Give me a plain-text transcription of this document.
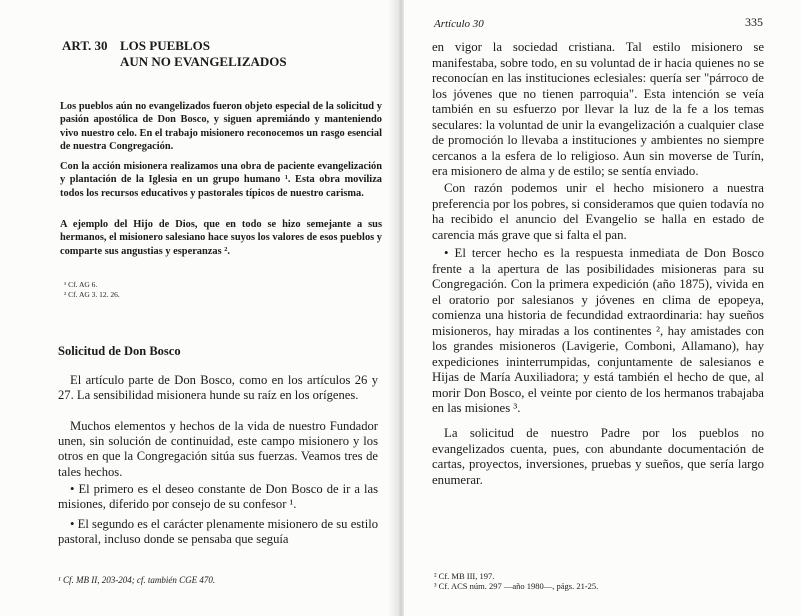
ART. 30 LOS PUEBLOS
AUN NO EVANGELIZADOS

Los pueblos aún no evangelizados fueron objeto especial de la solicitud y pasión apostólica de Don Bosco, y siguen apremiándo y manteniendo vivo nuestro celo. En el trabajo misionero reconocemos un rasgo esencial de nuestra Congregación.

Con la acción misionera realizamos una obra de paciente evangelización y plantación de la Iglesia en un grupo humano ¹. Esta obra moviliza todos los recursos educativos y pastorales típicos de nuestro carisma.

A ejemplo del Hijo de Dios, que en todo se hizo semejante a sus hermanos, el misionero salesiano hace suyos los valores de esos pueblos y comparte sus angustias y esperanzas ².

¹ Cf. AG 6.
² Cf. AG 3. 12. 26.
Solicitud de Don Bosco

El artículo parte de Don Bosco, como en los artículos 26 y 27. La sensibilidad misionera hunde su raíz en los orígenes.

Muchos elementos y hechos de la vida de nuestro Fundador unen, sin solución de continuidad, este campo misionero y los otros en que la Congregación sitúa sus fuerzas. Veamos tres de tales hechos.

• El primero es el deseo constante de Don Bosco de ir a las misiones, diferido por consejo de su confesor ¹.

• El segundo es el carácter plenamente misionero de su estilo pastoral, incluso donde se pensaba que seguía

¹ Cf. MB II, 203-204; cf. también CGE 470.
Artículo 30	335

en vigor la sociedad cristiana. Tal estilo misionero se manifestaba, sobre todo, en su voluntad de ir hacia quienes no se reconocían en las instituciones eclesiales: quería ser "párroco de los jóvenes que no tienen parroquia". Esta intención se veía también en su esfuerzo por llevar la luz de la fe a los temas seculares: la voluntad de unir la evangelización a cualquier clase de promoción lo llevaba a instituciones y ambientes no siempre cercanos a la esfera de lo religioso. Aun sin moverse de Turín, era misionero de alma y de estilo; se sentía enviado.

Con razón podemos unir el hecho misionero a nuestra preferencia por los pobres, si consideramos que quien todavía no ha recibido el anuncio del Evangelio se halla en estado de carencia más grave que si falta el pan.

• El tercer hecho es la respuesta inmediata de Don Bosco frente a la apertura de las posibilidades misioneras para su Congregación. Con la primera expedición (año 1875), vivida en el oratorio por salesianos y jóvenes en clima de epopeya, comienza una historia de fecundidad extraordinaria: hay sueños misioneros, hay miradas a los continentes ², hay amistades con los grandes misioneros (Lavigerie, Comboni, Allamano), hay expediciones ininterrumpidas, conjuntamente de salesianos e Hijas de María Auxiliadora; y está también el hecho de que, al morir Don Bosco, el veinte por ciento de los hermanos trabajaba en las misiones ³.

La solicitud de nuestro Padre por los pueblos no evangelizados cuenta, pues, con abundante documentación de cartas, proyectos, inversiones, pruebas y sueños, que sería largo enumerar.

² Cf. MB III, 197.
³ Cf. ACS núm. 297 —año 1980—, págs. 21-25.
